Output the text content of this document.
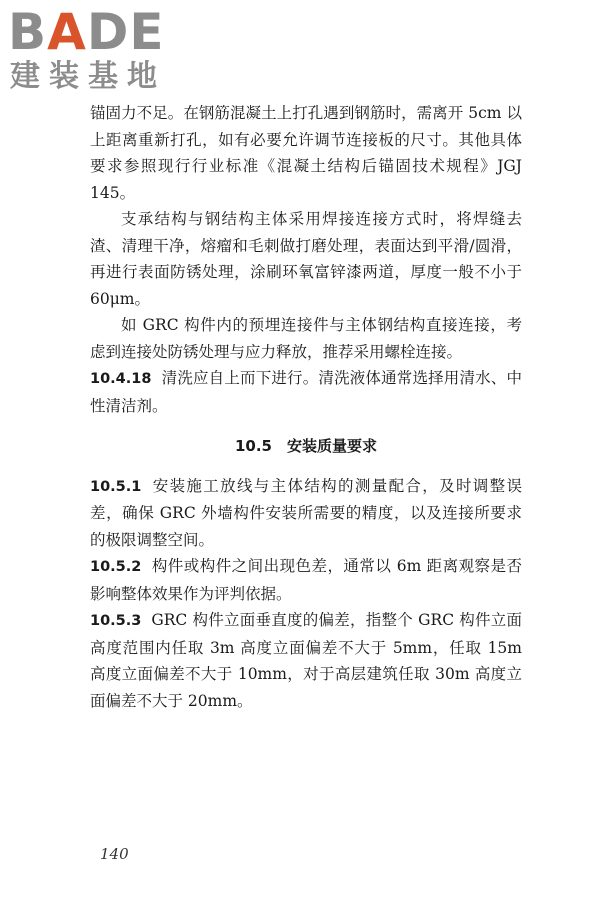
BADE
建装基地

锚固力不足。在钢筋混凝土上打孔遇到钢筋时，需离开 5cm 以上距离重新打孔，如有必要允许调节连接板的尺寸。其他具体要求参照现行行业标准《混凝土结构后锚固技术规程》JGJ 145。

支承结构与钢结构主体采用焊接连接方式时，将焊缝去渣、清理干净，熔瘤和毛刺做打磨处理，表面达到平滑/圆滑，再进行表面防锈处理，涂刷环氧富锌漆两道，厚度一般不小于 60μm。

如 GRC 构件内的预埋连接件与主体钢结构直接连接，考虑到连接处防锈处理与应力释放，推荐采用螺栓连接。

10.4.18 清洗应自上而下进行。清洗液体通常选择用清水、中性清洁剂。

10.5　安装质量要求

10.5.1 安装施工放线与主体结构的测量配合，及时调整误差，确保 GRC 外墙构件安装所需要的精度，以及连接所要求的极限调整空间。

10.5.2 构件或构件之间出现色差，通常以 6m 距离观察是否影响整体效果作为评判依据。

10.5.3 GRC 构件立面垂直度的偏差，指整个 GRC 构件立面高度范围内任取 3m 高度立面偏差不大于 5mm，任取 15m 高度立面偏差不大于 10mm，对于高层建筑任取 30m 高度立面偏差不大于 20mm。

140
